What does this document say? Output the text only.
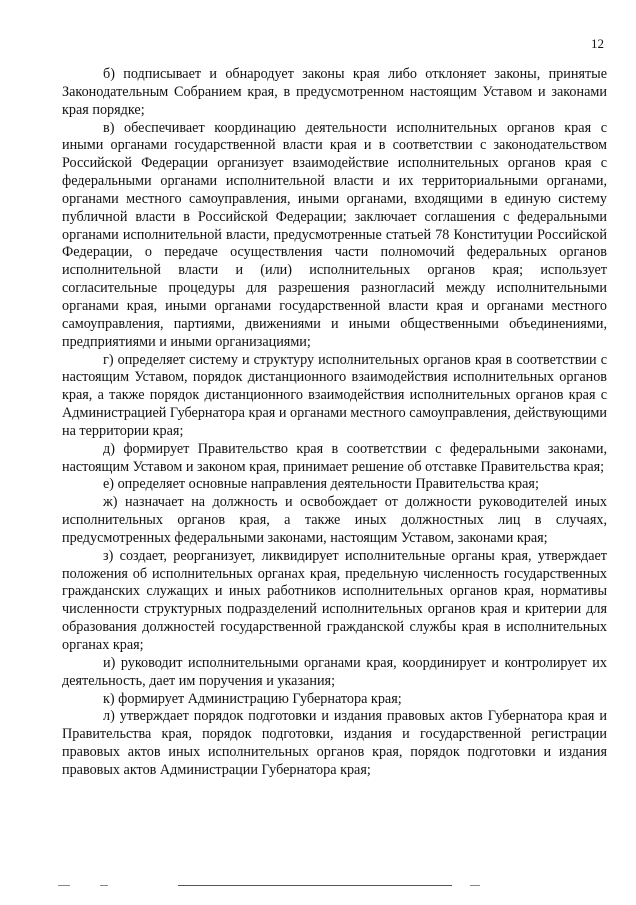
12

б) подписывает и обнародует законы края либо отклоняет законы, принятые Законодательным Собранием края, в предусмотренном настоящим Уставом и законами края порядке;

в) обеспечивает координацию деятельности исполнительных органов края с иными органами государственной власти края и в соответствии с законодательством Российской Федерации организует взаимодействие исполнительных органов края с федеральными органами исполнительной власти и их территориальными органами, органами местного самоуправления, иными органами, входящими в единую систему публичной власти в Российской Федерации; заключает соглашения с федеральными органами исполнительной власти, предусмотренные статьей 78 Конституции Российской Федерации, о передаче осуществления части полномочий федеральных органов исполнительной власти и (или) исполнительных органов края; использует согласительные процедуры для разрешения разногласий между исполнительными органами края, иными органами государственной власти края и органами местного самоуправления, партиями, движениями и иными общественными объединениями, предприятиями и иными организациями;

г) определяет систему и структуру исполнительных органов края в соответствии с настоящим Уставом, порядок дистанционного взаимодействия исполнительных органов края, а также порядок дистанционного взаимодействия исполнительных органов края с Администрацией Губернатора края и органами местного самоуправления, действующими на территории края;

д) формирует Правительство края в соответствии с федеральными законами, настоящим Уставом и законом края, принимает решение об отставке Правительства края;

е) определяет основные направления деятельности Правительства края;

ж) назначает на должность и освобождает от должности руководителей иных исполнительных органов края, а также иных должностных лиц в случаях, предусмотренных федеральными законами, настоящим Уставом, законами края;

з) создает, реорганизует, ликвидирует исполнительные органы края, утверждает положения об исполнительных органах края, предельную численность государственных гражданских служащих и иных работников исполнительных органов края, нормативы численности структурных подразделений исполнительных органов края и критерии для образования должностей государственной гражданской службы края в исполнительных органах края;

и) руководит исполнительными органами края, координирует и контролирует их деятельность, дает им поручения и указания;

к) формирует Администрацию Губернатора края;

л) утверждает порядок подготовки и издания правовых актов Губернатора края и Правительства края, порядок подготовки, издания и государственной регистрации правовых актов иных исполнительных органов края, порядок подготовки и издания правовых актов Администрации Губернатора края;
